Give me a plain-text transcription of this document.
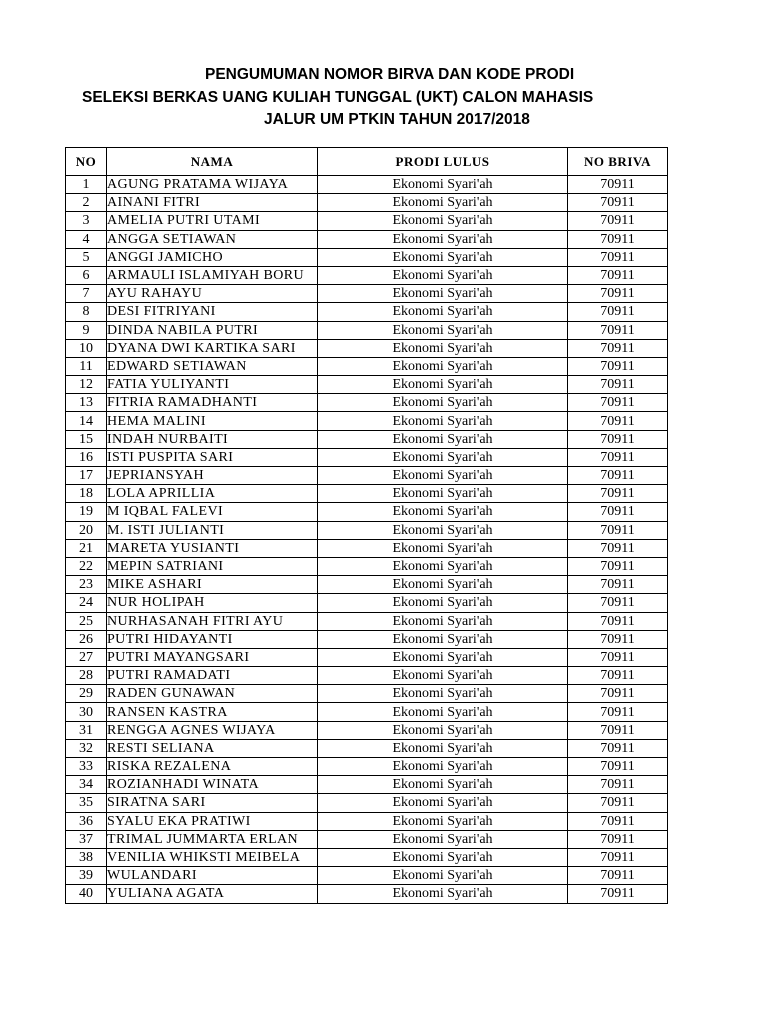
PENGUMUMAN NOMOR BIRVA DAN KODE PRODI
SELEKSI BERKAS UANG KULIAH TUNGGAL (UKT) CALON MAHASIS
JALUR UM PTKIN TAHUN 2017/2018
NO	NAMA	PRODI LULUS	NO BRIVA
1	AGUNG PRATAMA WIJAYA	Ekonomi Syari'ah	70911
2	AINANI FITRI	Ekonomi Syari'ah	70911
3	AMELIA PUTRI UTAMI	Ekonomi Syari'ah	70911
4	ANGGA SETIAWAN	Ekonomi Syari'ah	70911
5	ANGGI JAMICHO	Ekonomi Syari'ah	70911
6	ARMAULI ISLAMIYAH BORU	Ekonomi Syari'ah	70911
7	AYU RAHAYU	Ekonomi Syari'ah	70911
8	DESI FITRIYANI	Ekonomi Syari'ah	70911
9	DINDA NABILA PUTRI	Ekonomi Syari'ah	70911
10	DYANA DWI KARTIKA SARI	Ekonomi Syari'ah	70911
11	EDWARD SETIAWAN	Ekonomi Syari'ah	70911
12	FATIA YULIYANTI	Ekonomi Syari'ah	70911
13	FITRIA RAMADHANTI	Ekonomi Syari'ah	70911
14	HEMA MALINI	Ekonomi Syari'ah	70911
15	INDAH NURBAITI	Ekonomi Syari'ah	70911
16	ISTI PUSPITA SARI	Ekonomi Syari'ah	70911
17	JEPRIANSYAH	Ekonomi Syari'ah	70911
18	LOLA APRILLIA	Ekonomi Syari'ah	70911
19	M IQBAL FALEVI	Ekonomi Syari'ah	70911
20	M. ISTI JULIANTI	Ekonomi Syari'ah	70911
21	MARETA YUSIANTI	Ekonomi Syari'ah	70911
22	MEPIN SATRIANI	Ekonomi Syari'ah	70911
23	MIKE ASHARI	Ekonomi Syari'ah	70911
24	NUR HOLIPAH	Ekonomi Syari'ah	70911
25	NURHASANAH FITRI AYU	Ekonomi Syari'ah	70911
26	PUTRI HIDAYANTI	Ekonomi Syari'ah	70911
27	PUTRI MAYANGSARI	Ekonomi Syari'ah	70911
28	PUTRI RAMADATI	Ekonomi Syari'ah	70911
29	RADEN GUNAWAN	Ekonomi Syari'ah	70911
30	RANSEN KASTRA	Ekonomi Syari'ah	70911
31	RENGGA AGNES WIJAYA	Ekonomi Syari'ah	70911
32	RESTI SELIANA	Ekonomi Syari'ah	70911
33	RISKA REZALENA	Ekonomi Syari'ah	70911
34	ROZIANHADI WINATA	Ekonomi Syari'ah	70911
35	SIRATNA SARI	Ekonomi Syari'ah	70911
36	SYALU EKA PRATIWI	Ekonomi Syari'ah	70911
37	TRIMAL JUMMARTA ERLAN	Ekonomi Syari'ah	70911
38	VENILIA WHIKSTI MEIBELA	Ekonomi Syari'ah	70911
39	WULANDARI	Ekonomi Syari'ah	70911
40	YULIANA AGATA	Ekonomi Syari'ah	70911
